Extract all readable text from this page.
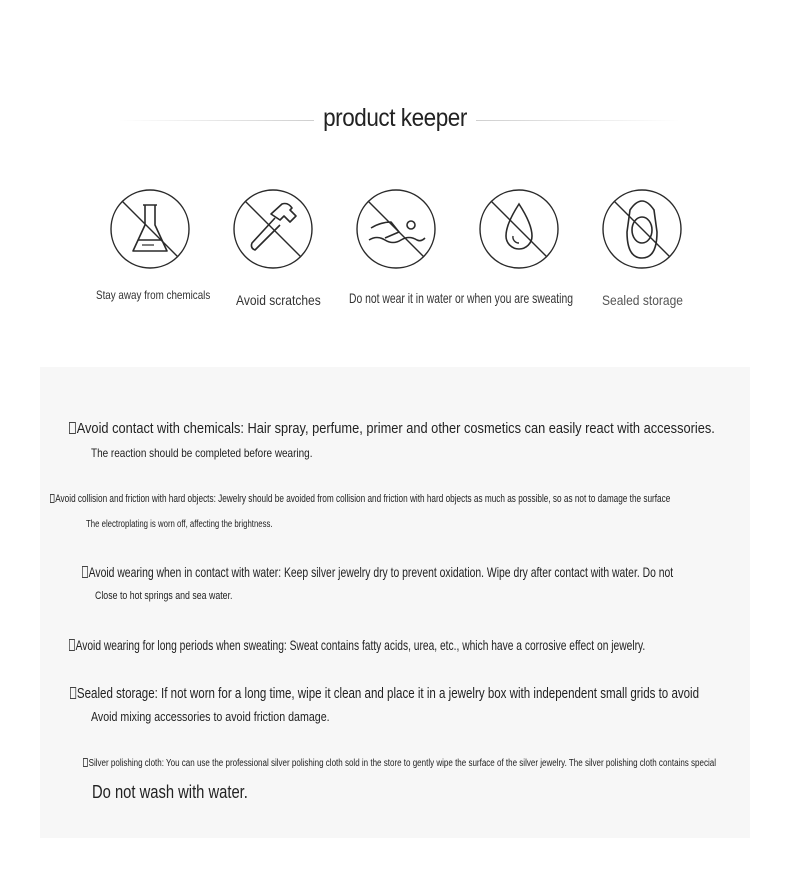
product keeper
Stay away from chemicals Avoid scratches Do not wear it in water or when you are sweating Sealed storage
Avoid contact with chemicals: Hair spray, perfume, primer and other cosmetics can easily react with accessories.
The reaction should be completed before wearing.
Avoid collision and friction with hard objects: Jewelry should be avoided from collision and friction with hard objects as much as possible, so as not to damage the surface
The electroplating is worn off, affecting the brightness.
Avoid wearing when in contact with water: Keep silver jewelry dry to prevent oxidation. Wipe dry after contact with water. Do not
Close to hot springs and sea water.
Avoid wearing for long periods when sweating: Sweat contains fatty acids, urea, etc., which have a corrosive effect on jewelry.
Sealed storage: If not worn for a long time, wipe it clean and place it in a jewelry box with independent small grids to avoid
Avoid mixing accessories to avoid friction damage.
Silver polishing cloth: You can use the professional silver polishing cloth sold in the store to gently wipe the surface of the silver jewelry. The silver polishing cloth contains special
Do not wash with water.
